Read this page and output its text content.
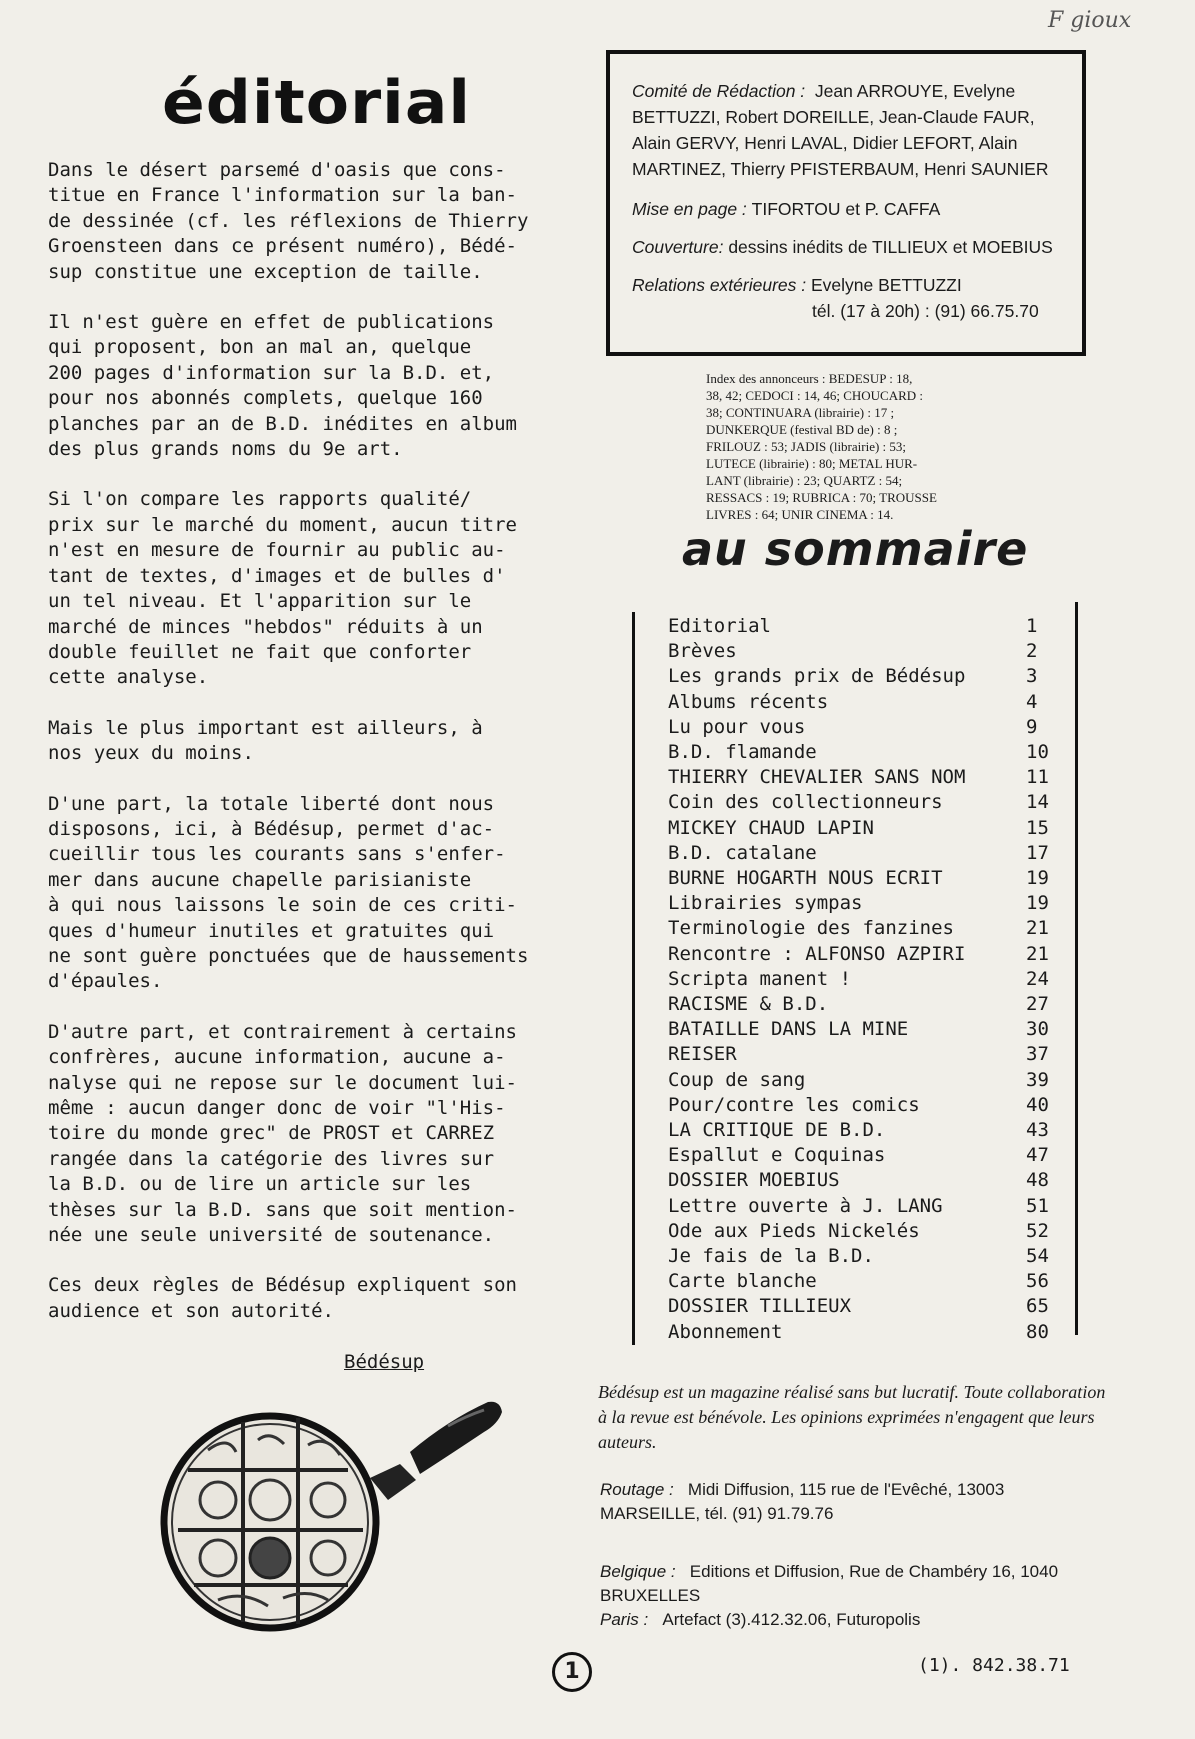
F gioux
éditorial

Dans le désert parsemé d'oasis que cons-
titue en France l'information sur la ban-
de dessinée (cf. les réflexions de Thierry
Groensteen dans ce présent numéro), Bédé-
sup constitue une exception de taille.

Il n'est guère en effet de publications
qui proposent, bon an mal an, quelque
200 pages d'information sur la B.D. et,
pour nos abonnés complets, quelque 160
planches par an de B.D. inédites en album
des plus grands noms du 9e art.

Si l'on compare les rapports qualité/
prix sur le marché du moment, aucun titre
n'est en mesure de fournir au public au-
tant de textes, d'images et de bulles d'
un tel niveau. Et l'apparition sur le
marché de minces "hebdos" réduits à un
double feuillet ne fait que conforter
cette analyse.

Mais le plus important est ailleurs, à
nos yeux du moins.

D'une part, la totale liberté dont nous
disposons, ici, à Bédésup, permet d'ac-
cueillir tous les courants sans s'enfer-
mer dans aucune chapelle parisianiste
à qui nous laissons le soin de ces criti-
ques d'humeur inutiles et gratuites qui
ne sont guère ponctuées que de haussements
d'épaules.

D'autre part, et contrairement à certains
confrères, aucune information, aucune a-
nalyse qui ne repose sur le document lui-
même : aucun danger donc de voir "l'His-
toire du monde grec" de PROST et CARREZ
rangée dans la catégorie des livres sur
la B.D. ou de lire un article sur les
thèses sur la B.D. sans que soit mention-
née une seule université de soutenance.

Ces deux règles de Bédésup expliquent son
audience et son autorité.

Bédésup
Comité de Rédaction : Jean ARROUYE, Evelyne BETTUZZI, Robert DOREILLE, Jean-Claude FAUR, Alain GERVY, Henri LAVAL, Didier LEFORT, Alain MARTINEZ, Thierry PFISTERBAUM, Henri SAUNIER
Mise en page : TIFORTOU et P. CAFFA
Couverture: dessins inédits de TILLIEUX et MOEBIUS
Relations extérieures : Evelyne BETTUZZI
tél. (17 à 20h) : (91) 66.75.70
Index des annonceurs : BEDESUP : 18,
38, 42; CEDOCI : 14, 46; CHOUCARD :
38; CONTINUARA (librairie) : 17 ;
DUNKERQUE (festival BD de) : 8 ;
FRILOUZ : 53; JADIS (librairie) : 53;
LUTECE (librairie) : 80; METAL HUR-
LANT (librairie) : 23; QUARTZ : 54;
RESSACS : 19; RUBRICA : 70; TROUSSE
LIVRES : 64; UNIR CINEMA : 14.
au sommaire
Editorial	1
Brèves	2
Les grands prix de Bédésup	3
Albums récents	4
Lu pour vous	9
B.D. flamande	10
THIERRY CHEVALIER SANS NOM	11
Coin des collectionneurs	14
MICKEY CHAUD LAPIN	15
B.D. catalane	17
BURNE HOGARTH NOUS ECRIT	19
Librairies sympas	19
Terminologie des fanzines	21
Rencontre : ALFONSO AZPIRI	21
Scripta manent !	24
RACISME & B.D.	27
BATAILLE DANS LA MINE	30
REISER	37
Coup de sang	39
Pour/contre les comics	40
LA CRITIQUE DE B.D.	43
Espallut e Coquinas	47
DOSSIER MOEBIUS	48
Lettre ouverte à J. LANG	51
Ode aux Pieds Nickelés	52
Je fais de la B.D.	54
Carte blanche	56
DOSSIER TILLIEUX	65
Abonnement	80
Bédésup est un magazine réalisé sans but lucratif. Toute collaboration à la revue est bénévole. Les opinions exprimées n'engagent que leurs auteurs.
Routage : Midi Diffusion, 115 rue de l'Evêché, 13003 MARSEILLE, tél. (91) 91.79.76
Belgique : Editions et Diffusion, Rue de Chambéry 16, 1040 BRUXELLES
Paris : Artefact (3).412.32.06, Futuropolis
1	(1). 842.38.71
